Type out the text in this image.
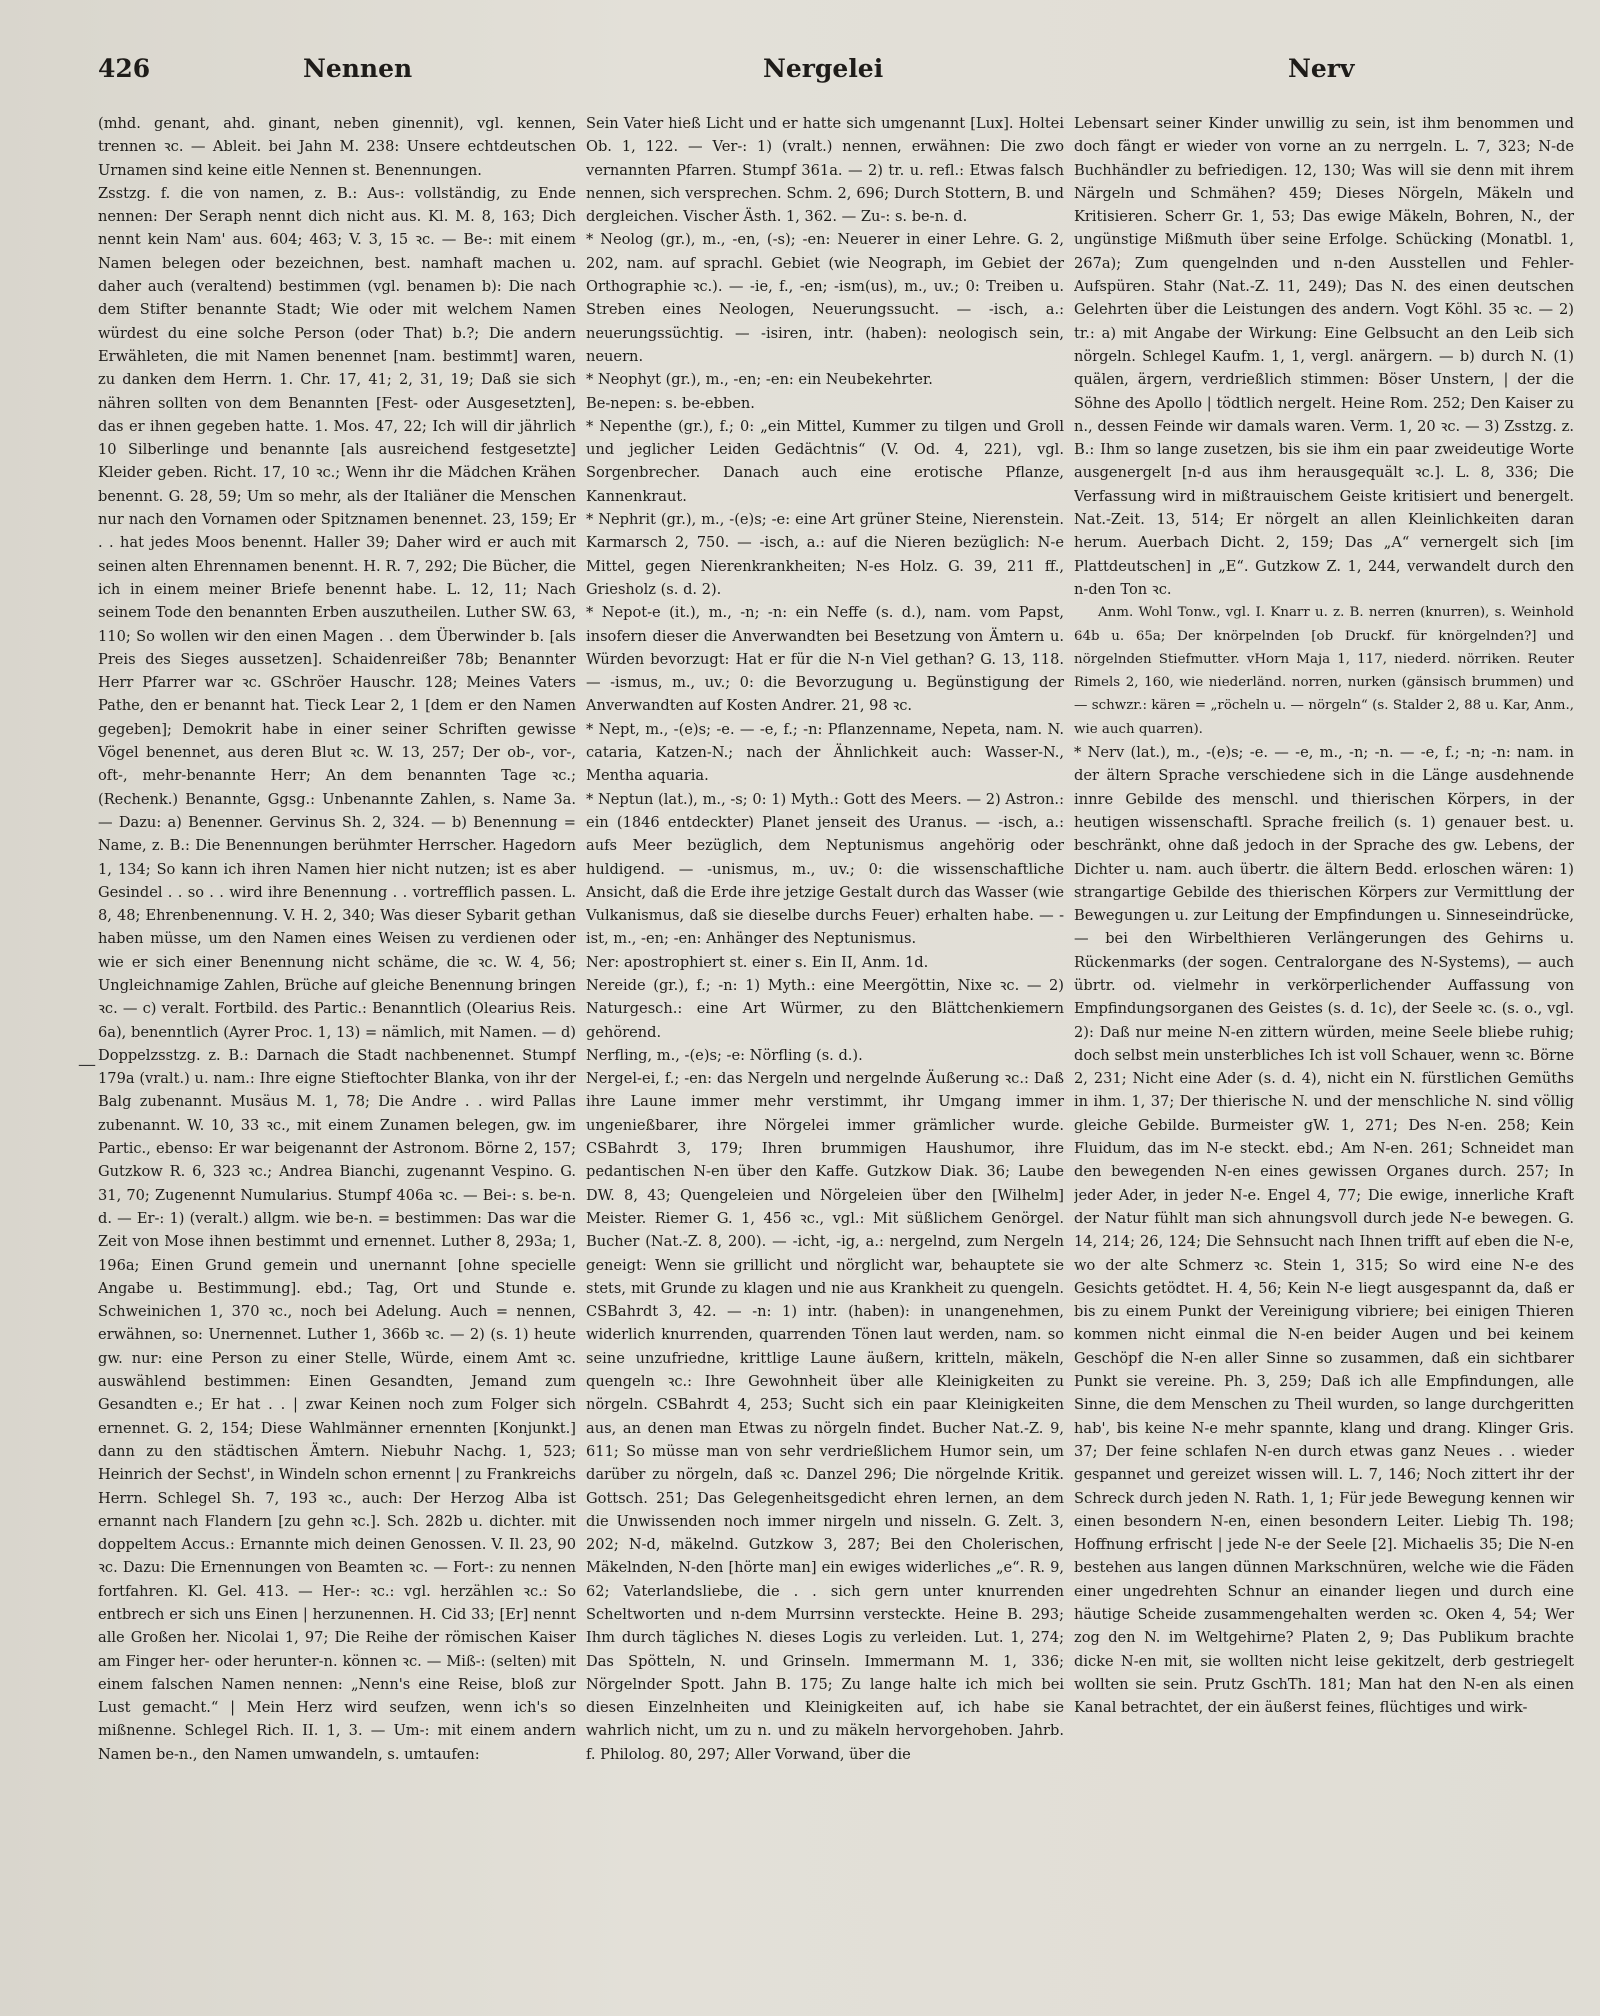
426	Nennen	Nergelei	Nerv
—

(mhd. genant, ahd. ginant, neben ginennit), vgl. kennen, trennen ꝛc. — Ableit. bei Jahn M. 238: Unsere echtdeutschen Urnamen sind keine eitle Nennen st. Benennungen.

Zsstzg. f. die von namen, z. B.: Aus-: vollständig, zu Ende nennen: Der Seraph nennt dich nicht aus. Kl. M. 8, 163; Dich nennt kein Nam' aus. 604; 463; V. 3, 15 ꝛc. — Be-: mit einem Namen belegen oder bezeichnen, best. namhaft machen u. daher auch (veraltend) bestimmen (vgl. benamen b): Die nach dem Stifter benannte Stadt; Wie oder mit welchem Namen würdest du eine solche Person (oder That) b.?; Die andern Erwähleten, die mit Namen benennet [nam. bestimmt] waren, zu danken dem Herrn. 1. Chr. 17, 41; 2, 31, 19; Daß sie sich nähren sollten von dem Benannten [Fest- oder Ausgesetzten], das er ihnen gegeben hatte. 1. Mos. 47, 22; Ich will dir jährlich 10 Silberlinge und benannte [als ausreichend festgesetzte] Kleider geben. Richt. 17, 10 ꝛc.; Wenn ihr die Mädchen Krähen benennt. G. 28, 59; Um so mehr, als der Italiäner die Menschen nur nach den Vornamen oder Spitznamen benennet. 23, 159; Er . . hat jedes Moos benennt. Haller 39; Daher wird er auch mit seinen alten Ehrennamen benennt. H. R. 7, 292; Die Bücher, die ich in einem meiner Briefe benennt habe. L. 12, 11; Nach seinem Tode den benannten Erben auszutheilen. Luther SW. 63, 110; So wollen wir den einen Magen . . dem Überwinder b. [als Preis des Sieges aussetzen]. Schaidenreißer 78b; Benannter Herr Pfarrer war ꝛc. GSchröer Hauschr. 128; Meines Vaters Pathe, den er benannt hat. Tieck Lear 2, 1 [dem er den Namen gegeben]; Demokrit habe in einer seiner Schriften gewisse Vögel benennet, aus deren Blut ꝛc. W. 13, 257; Der ob-, vor-, oft-, mehr-benannte Herr; An dem benannten Tage ꝛc.; (Rechenk.) Benannte, Ggsg.: Unbenannte Zahlen, s. Name 3a. — Dazu: a) Benenner. Gervinus Sh. 2, 324. — b) Benennung = Name, z. B.: Die Benennungen berühmter Herrscher. Hagedorn 1, 134; So kann ich ihren Namen hier nicht nutzen; ist es aber Gesindel . . so . . wird ihre Benennung . . vortrefflich passen. L. 8, 48; Ehrenbenennung. V. H. 2, 340; Was dieser Sybarit gethan haben müsse, um den Namen eines Weisen zu verdienen oder wie er sich einer Benennung nicht schäme, die ꝛc. W. 4, 56; Ungleichnamige Zahlen, Brüche auf gleiche Benennung bringen ꝛc. — c) veralt. Fortbild. des Partic.: Benanntlich (Olearius Reis. 6a), benenntlich (Ayrer Proc. 1, 13) = nämlich, mit Namen. — d) Doppelzsstzg. z. B.: Darnach die Stadt nachbenennet. Stumpf 179a (vralt.) u. nam.: Ihre eigne Stieftochter Blanka, von ihr der Balg zubenannt. Musäus M. 1, 78; Die Andre . . wird Pallas zubenannt. W. 10, 33 ꝛc., mit einem Zunamen belegen, gw. im Partic., ebenso: Er war beigenannt der Astronom. Börne 2, 157; Gutzkow R. 6, 323 ꝛc.; Andrea Bianchi, zugenannt Vespino. G. 31, 70; Zugenennt Numularius. Stumpf 406a ꝛc. — Bei-: s. be-n. d. — Er-: 1) (veralt.) allgm. wie be-n. = bestimmen: Das war die Zeit von Mose ihnen bestimmt und ernennet. Luther 8, 293a; 1, 196a; Einen Grund gemein und unernannt [ohne specielle Angabe u. Bestimmung]. ebd.; Tag, Ort und Stunde e. Schweinichen 1, 370 ꝛc., noch bei Adelung. Auch = nennen, erwähnen, so: Unernennet. Luther 1, 366b ꝛc. — 2) (s. 1) heute gw. nur: eine Person zu einer Stelle, Würde, einem Amt ꝛc. auswählend bestimmen: Einen Gesandten, Jemand zum Gesandten e.; Er hat . . | zwar Keinen noch zum Folger sich ernennet. G. 2, 154; Diese Wahlmänner ernennten [Konjunkt.] dann zu den städtischen Ämtern. Niebuhr Nachg. 1, 523; Heinrich der Sechst', in Windeln schon ernennt | zu Frankreichs Herrn. Schlegel Sh. 7, 193 ꝛc., auch: Der Herzog Alba ist ernannt nach Flandern [zu gehn ꝛc.]. Sch. 282b u. dichter. mit doppeltem Accus.: Ernannte mich deinen Genossen. V. Il. 23, 90 ꝛc. Dazu: Die Ernennungen von Beamten ꝛc. — Fort-: zu nennen fortfahren. Kl. Gel. 413. — Her-: ꝛc.: vgl. herzählen ꝛc.: So entbrech er sich uns Einen | herzunennen. H. Cid 33; [Er] nennt alle Großen her. Nicolai 1, 97; Die Reihe der römischen Kaiser am Finger her- oder herunter-n. können ꝛc. — Miß-: (selten) mit einem falschen Namen nennen: „Nenn's eine Reise, bloß zur Lust gemacht.“ | Mein Herz wird seufzen, wenn ich's so mißnenne. Schlegel Rich. II. 1, 3. — Um-: mit einem andern Namen be-n., den Namen umwandeln, s. umtaufen:

Sein Vater hieß Licht und er hatte sich umgenannt [Lux]. Holtei Ob. 1, 122. — Ver-: 1) (vralt.) nennen, erwähnen: Die zwo vernannten Pfarren. Stumpf 361a. — 2) tr. u. refl.: Etwas falsch nennen, sich versprechen. Schm. 2, 696; Durch Stottern, B. und dergleichen. Vischer Ästh. 1, 362. — Zu-: s. be-n. d.

* Neolog (gr.), m., -en, (-s); -en: Neuerer in einer Lehre. G. 2, 202, nam. auf sprachl. Gebiet (wie Neograph, im Gebiet der Orthographie ꝛc.). — -ie, f., -en; -ism(us), m., uv.; 0: Treiben u. Streben eines Neologen, Neuerungssucht. — -isch, a.: neuerungssüchtig. — -isiren, intr. (haben): neologisch sein, neuern.

* Neophyt (gr.), m., -en; -en: ein Neubekehrter.

Be-nepen: s. be-ebben.

* Nepenthe (gr.), f.; 0: „ein Mittel, Kummer zu tilgen und Groll und jeglicher Leiden Gedächtnis“ (V. Od. 4, 221), vgl. Sorgenbrecher. Danach auch eine erotische Pflanze, Kannenkraut.

* Nephrit (gr.), m., -(e)s; -e: eine Art grüner Steine, Nierenstein. Karmarsch 2, 750. — -isch, a.: auf die Nieren bezüglich: N-e Mittel, gegen Nierenkrankheiten; N-es Holz. G. 39, 211 ff., Griesholz (s. d. 2).

* Nepot-e (it.), m., -n; -n: ein Neffe (s. d.), nam. vom Papst, insofern dieser die Anverwandten bei Besetzung von Ämtern u. Würden bevorzugt: Hat er für die N-n Viel gethan? G. 13, 118. — -ismus, m., uv.; 0: die Bevorzugung u. Begünstigung der Anverwandten auf Kosten Andrer. 21, 98 ꝛc.

* Nept, m., -(e)s; -e. — -e, f.; -n: Pflanzenname, Nepeta, nam. N. cataria, Katzen-N.; nach der Ähnlichkeit auch: Wasser-N., Mentha aquaria.

* Neptun (lat.), m., -s; 0: 1) Myth.: Gott des Meers. — 2) Astron.: ein (1846 entdeckter) Planet jenseit des Uranus. — -isch, a.: aufs Meer bezüglich, dem Neptunismus angehörig oder huldigend. — -unismus, m., uv.; 0: die wissenschaftliche Ansicht, daß die Erde ihre jetzige Gestalt durch das Wasser (wie Vulkanismus, daß sie dieselbe durchs Feuer) erhalten habe. — -ist, m., -en; -en: Anhänger des Neptunismus.

Ner: apostrophiert st. einer s. Ein II, Anm. 1d.

Nereide (gr.), f.; -n: 1) Myth.: eine Meergöttin, Nixe ꝛc. — 2) Naturgesch.: eine Art Würmer, zu den Blättchenkiemern gehörend.

Nerfling, m., -(e)s; -e: Nörfling (s. d.).

Nergel-ei, f.; -en: das Nergeln und nergelnde Äußerung ꝛc.: Daß ihre Laune immer mehr verstimmt, ihr Umgang immer ungenießbarer, ihre Nörgelei immer grämlicher wurde. CSBahrdt 3, 179; Ihren brummigen Haushumor, ihre pedantischen N-en über den Kaffe. Gutzkow Diak. 36; Laube DW. 8, 43; Quengeleien und Nörgeleien über den [Wilhelm] Meister. Riemer G. 1, 456 ꝛc., vgl.: Mit süßlichem Genörgel. Bucher (Nat.-Z. 8, 200). — -icht, -ig, a.: nergelnd, zum Nergeln geneigt: Wenn sie grillicht und nörglicht war, behauptete sie stets, mit Grunde zu klagen und nie aus Krankheit zu quengeln. CSBahrdt 3, 42. — -n: 1) intr. (haben): in unangenehmen, widerlich knurrenden, quarrenden Tönen laut werden, nam. so seine unzufriedne, krittlige Laune äußern, kritteln, mäkeln, quengeln ꝛc.: Ihre Gewohnheit über alle Kleinigkeiten zu nörgeln. CSBahrdt 4, 253; Sucht sich ein paar Kleinigkeiten aus, an denen man Etwas zu nörgeln findet. Bucher Nat.-Z. 9, 611; So müsse man von sehr verdrießlichem Humor sein, um darüber zu nörgeln, daß ꝛc. Danzel 296; Die nörgelnde Kritik. Gottsch. 251; Das Gelegenheitsgedicht ehren lernen, an dem die Unwissenden noch immer nirgeln und nisseln. G. Zelt. 3, 202; N-d, mäkelnd. Gutzkow 3, 287; Bei den Cholerischen, Mäkelnden, N-den [hörte man] ein ewiges widerliches „e“. R. 9, 62; Vaterlandsliebe, die . . sich gern unter knurrenden Scheltworten und n-dem Murrsinn versteckte. Heine B. 293; Ihm durch tägliches N. dieses Logis zu verleiden. Lut. 1, 274; Das Spötteln, N. und Grinseln. Immermann M. 1, 336; Nörgelnder Spott. Jahn B. 175; Zu lange halte ich mich bei diesen Einzelnheiten und Kleinigkeiten auf, ich habe sie wahrlich nicht, um zu n. und zu mäkeln hervorgehoben. Jahrb. f. Philolog. 80, 297; Aller Vorwand, über die

Lebensart seiner Kinder unwillig zu sein, ist ihm benommen und doch fängt er wieder von vorne an zu nerrgeln. L. 7, 323; N-de Buchhändler zu befriedigen. 12, 130; Was will sie denn mit ihrem Närgeln und Schmähen? 459; Dieses Nörgeln, Mäkeln und Kritisieren. Scherr Gr. 1, 53; Das ewige Mäkeln, Bohren, N., der ungünstige Mißmuth über seine Erfolge. Schücking (Monatbl. 1, 267a); Zum quengelnden und n-den Ausstellen und Fehler-Aufspüren. Stahr (Nat.-Z. 11, 249); Das N. des einen deutschen Gelehrten über die Leistungen des andern. Vogt Köhl. 35 ꝛc. — 2) tr.: a) mit Angabe der Wirkung: Eine Gelbsucht an den Leib sich nörgeln. Schlegel Kaufm. 1, 1, vergl. anärgern. — b) durch N. (1) quälen, ärgern, verdrießlich stimmen: Böser Unstern, | der die Söhne des Apollo | tödtlich nergelt. Heine Rom. 252; Den Kaiser zu n., dessen Feinde wir damals waren. Verm. 1, 20 ꝛc. — 3) Zsstzg. z. B.: Ihm so lange zusetzen, bis sie ihm ein paar zweideutige Worte ausgenergelt [n-d aus ihm herausgequält ꝛc.]. L. 8, 336; Die Verfassung wird in mißtrauischem Geiste kritisiert und benergelt. Nat.-Zeit. 13, 514; Er nörgelt an allen Kleinlichkeiten daran herum. Auerbach Dicht. 2, 159; Das „A“ vernergelt sich [im Plattdeutschen] in „E“. Gutzkow Z. 1, 244, verwandelt durch den n-den Ton ꝛc.

Anm. Wohl Tonw., vgl. I. Knarr u. z. B. nerren (knurren), s. Weinhold 64b u. 65a; Der knörpelnden [ob Druckf. für knörgelnden?] und nörgelnden Stiefmutter. vHorn Maja 1, 117, niederd. nörriken. Reuter Rimels 2, 160, wie niederländ. norren, nurken (gänsisch brummen) und — schwzr.: kären = „röcheln u. — nörgeln“ (s. Stalder 2, 88 u. Kar, Anm., wie auch quarren).

* Nerv (lat.), m., -(e)s; -e. — -e, m., -n; -n. — -e, f.; -n; -n: nam. in der ältern Sprache verschiedene sich in die Länge ausdehnende innre Gebilde des menschl. und thierischen Körpers, in der heutigen wissenschaftl. Sprache freilich (s. 1) genauer best. u. beschränkt, ohne daß jedoch in der Sprache des gw. Lebens, der Dichter u. nam. auch übertr. die ältern Bedd. erloschen wären: 1) strangartige Gebilde des thierischen Körpers zur Vermittlung der Bewegungen u. zur Leitung der Empfindungen u. Sinneseindrücke, — bei den Wirbelthieren Verlängerungen des Gehirns u. Rückenmarks (der sogen. Centralorgane des N-Systems), — auch übrtr. od. vielmehr in verkörperlichender Auffassung von Empfindungsorganen des Geistes (s. d. 1c), der Seele ꝛc. (s. o., vgl. 2): Daß nur meine N-en zittern würden, meine Seele bliebe ruhig; doch selbst mein unsterbliches Ich ist voll Schauer, wenn ꝛc. Börne 2, 231; Nicht eine Ader (s. d. 4), nicht ein N. fürstlichen Gemüths in ihm. 1, 37; Der thierische N. und der menschliche N. sind völlig gleiche Gebilde. Burmeister gW. 1, 271; Des N-en. 258; Kein Fluidum, das im N-e steckt. ebd.; Am N-en. 261; Schneidet man den bewegenden N-en eines gewissen Organes durch. 257; In jeder Ader, in jeder N-e. Engel 4, 77; Die ewige, innerliche Kraft der Natur fühlt man sich ahnungsvoll durch jede N-e bewegen. G. 14, 214; 26, 124; Die Sehnsucht nach Ihnen trifft auf eben die N-e, wo der alte Schmerz ꝛc. Stein 1, 315; So wird eine N-e des Gesichts getödtet. H. 4, 56; Kein N-e liegt ausgespannt da, daß er bis zu einem Punkt der Vereinigung vibriere; bei einigen Thieren kommen nicht einmal die N-en beider Augen und bei keinem Geschöpf die N-en aller Sinne so zusammen, daß ein sichtbarer Punkt sie vereine. Ph. 3, 259; Daß ich alle Empfindungen, alle Sinne, die dem Menschen zu Theil wurden, so lange durchgeritten hab', bis keine N-e mehr spannte, klang und drang. Klinger Gris. 37; Der feine schlafen N-en durch etwas ganz Neues . . wieder gespannet und gereizet wissen will. L. 7, 146; Noch zittert ihr der Schreck durch jeden N. Rath. 1, 1; Für jede Bewegung kennen wir einen besondern N-en, einen besondern Leiter. Liebig Th. 198; Hoffnung erfrischt | jede N-e der Seele [2]. Michaelis 35; Die N-en bestehen aus langen dünnen Markschnüren, welche wie die Fäden einer ungedrehten Schnur an einander liegen und durch eine häutige Scheide zusammengehalten werden ꝛc. Oken 4, 54; Wer zog den N. im Weltgehirne? Platen 2, 9; Das Publikum brachte dicke N-en mit, sie wollten nicht leise gekitzelt, derb gestriegelt wollten sie sein. Prutz GschTh. 181; Man hat den N-en als einen Kanal betrachtet, der ein äußerst feines, flüchtiges und wirk-
